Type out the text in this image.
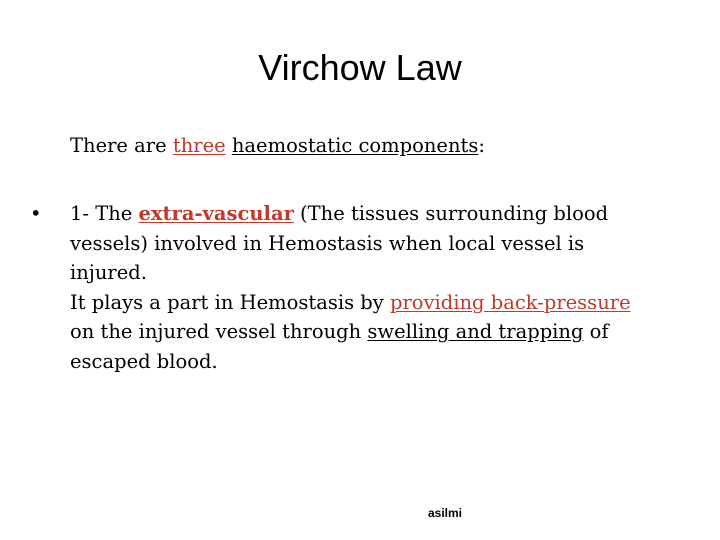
Virchow Law
There are three haemostatic components:
•	1- The extra-vascular (The tissues surrounding blood
vessels) involved in Hemostasis when local vessel is
injured.
It plays a part in Hemostasis by providing back-pressure
on the injured vessel through swelling and trapping of
escaped blood.
asilmi
